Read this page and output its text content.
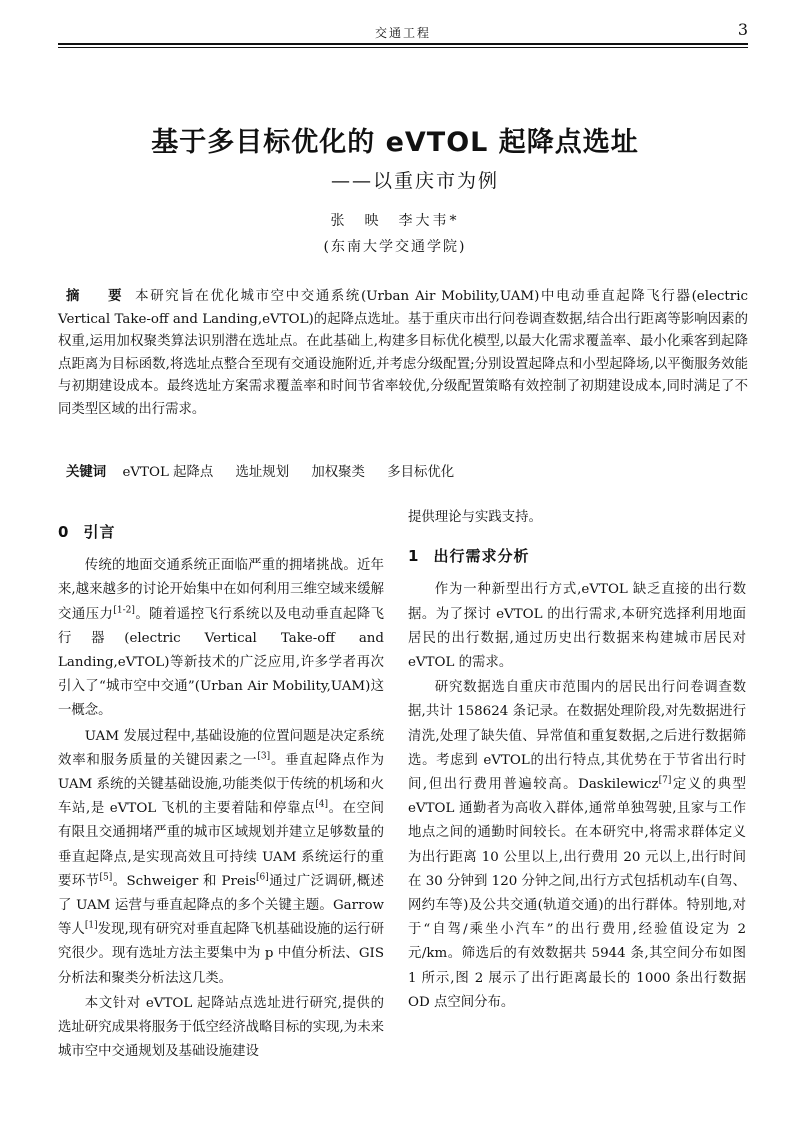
交通工程	3
基于多目标优化的 eVTOL 起降点选址
——以重庆市为例
张　映　李大韦*
(东南大学交通学院)
摘　要 本研究旨在优化城市空中交通系统(Urban Air Mobility,UAM)中电动垂直起降飞行器(electric Vertical Take-off and Landing,eVTOL)的起降点选址。基于重庆市出行问卷调查数据,结合出行距离等影响因素的权重,运用加权聚类算法识别潜在选址点。在此基础上,构建多目标优化模型,以最大化需求覆盖率、最小化乘客到起降点距离为目标函数,将选址点整合至现有交通设施附近,并考虑分级配置;分别设置起降点和小型起降场,以平衡服务效能与初期建设成本。最终选址方案需求覆盖率和时间节省率较优,分级配置策略有效控制了初期建设成本,同时满足了不同类型区域的出行需求。
关键词 eVTOL 起降点 选址规划 加权聚类 多目标优化
0 引言

传统的地面交通系统正面临严重的拥堵挑战。近年来,越来越多的讨论开始集中在如何利用三维空域来缓解交通压力[1-2]。随着遥控飞行系统以及电动垂直起降飞行器(electric Vertical Take-off and Landing,eVTOL)等新技术的广泛应用,许多学者再次引入了“城市空中交通”(Urban Air Mobility,UAM)这一概念。

UAM 发展过程中,基础设施的位置问题是决定系统效率和服务质量的关键因素之一[3]。垂直起降点作为 UAM 系统的关键基础设施,功能类似于传统的机场和火车站,是 eVTOL 飞机的主要着陆和停靠点[4]。在空间有限且交通拥堵严重的城市区域规划并建立足够数量的垂直起降点,是实现高效且可持续 UAM 系统运行的重要环节[5]。Schweiger 和 Preis[6]通过广泛调研,概述了 UAM 运营与垂直起降点的多个关键主题。Garrow 等人[1]发现,现有研究对垂直起降飞机基础设施的运行研究很少。现有选址方法主要集中为 p 中值分析法、GIS 分析法和聚类分析法这几类。

本文针对 eVTOL 起降站点选址进行研究,提供的选址研究成果将服务于低空经济战略目标的实现,为未来城市空中交通规划及基础设施建设

提供理论与实践支持。

1 出行需求分析

作为一种新型出行方式,eVTOL 缺乏直接的出行数据。为了探讨 eVTOL 的出行需求,本研究选择利用地面居民的出行数据,通过历史出行数据来构建城市居民对 eVTOL 的需求。

研究数据选自重庆市范围内的居民出行问卷调查数据,共计 158624 条记录。在数据处理阶段,对先数据进行清洗,处理了缺失值、异常值和重复数据,之后进行数据筛选。考虑到 eVTOL的出行特点,其优势在于节省出行时间,但出行费用普遍较高。Daskilewicz[7]定义的典型 eVTOL 通勤者为高收入群体,通常单独驾驶,且家与工作地点之间的通勤时间较长。在本研究中,将需求群体定义为出行距离 10 公里以上,出行费用 20 元以上,出行时间在 30 分钟到 120 分钟之间,出行方式包括机动车(自驾、网约车等)及公共交通(轨道交通)的出行群体。特别地,对于“自驾/乘坐小汽车”的出行费用,经验值设定为 2 元/km。筛选后的有效数据共 5944 条,其空间分布如图 1 所示,图 2 展示了出行距离最长的 1000 条出行数据 OD 点空间分布。
